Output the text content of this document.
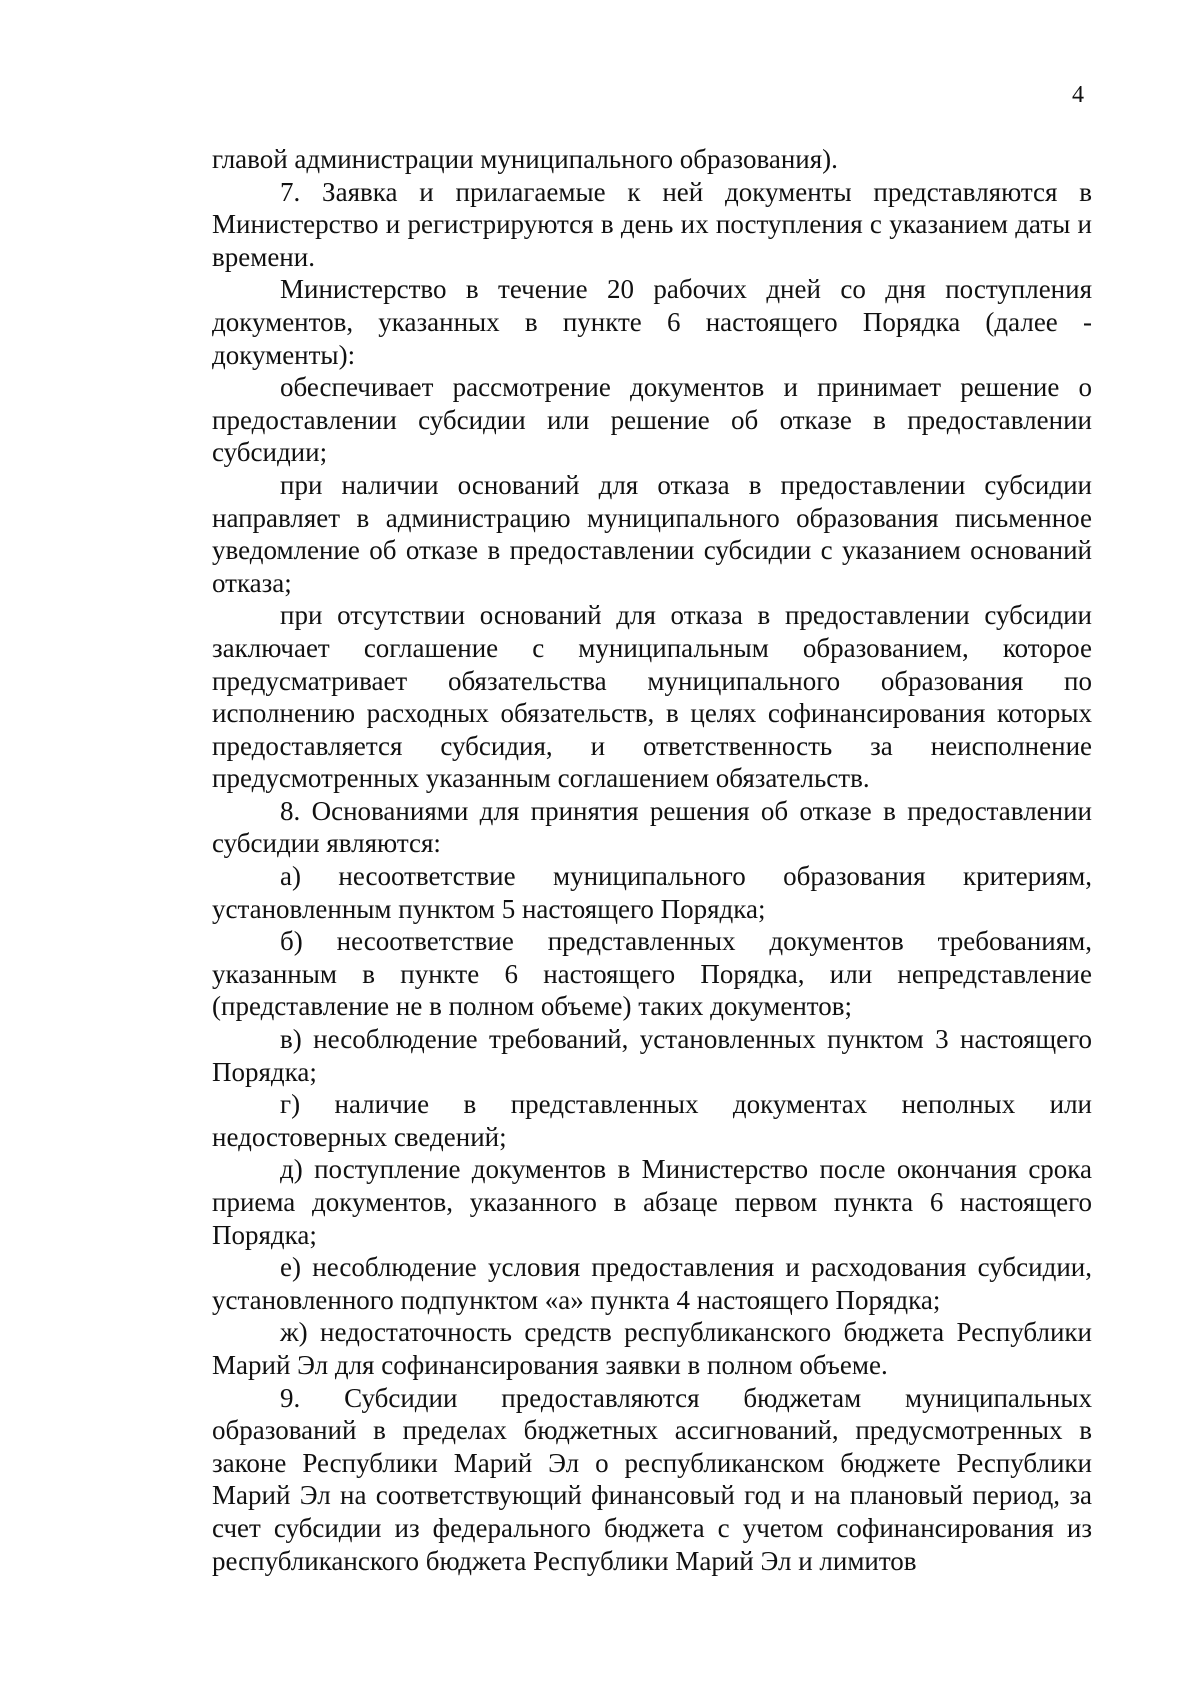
4

главой администрации муниципального образования).

7. Заявка и прилагаемые к ней документы представляются в Министерство и регистрируются в день их поступления с указанием даты и времени.

Министерство в течение 20 рабочих дней со дня поступления документов, указанных в пункте 6 настоящего Порядка (далее - документы):

обеспечивает рассмотрение документов и принимает решение о предоставлении субсидии или решение об отказе в предоставлении субсидии;

при наличии оснований для отказа в предоставлении субсидии направляет в администрацию муниципального образования письменное уведомление об отказе в предоставлении субсидии с указанием оснований отказа;

при отсутствии оснований для отказа в предоставлении субсидии заключает соглашение с муниципальным образованием, которое предусматривает обязательства муниципального образования по исполнению расходных обязательств, в целях софинансирования которых предоставляется субсидия, и ответственность за неисполнение предусмотренных указанным соглашением обязательств.

8. Основаниями для принятия решения об отказе в предоставлении субсидии являются:

а) несоответствие муниципального образования критериям, установленным пунктом 5 настоящего Порядка;

б) несоответствие представленных документов требованиям, указанным в пункте 6 настоящего Порядка, или непредставление (представление не в полном объеме) таких документов;

в) несоблюдение требований, установленных пунктом 3 настоящего Порядка;

г) наличие в представленных документах неполных или недостоверных сведений;

д) поступление документов в Министерство после окончания срока приема документов, указанного в абзаце первом пункта 6 настоящего Порядка;

е) несоблюдение условия предоставления и расходования субсидии, установленного подпунктом «а» пункта 4 настоящего Порядка;

ж) недостаточность средств республиканского бюджета Республики Марий Эл для софинансирования заявки в полном объеме.

9. Субсидии предоставляются бюджетам муниципальных образований в пределах бюджетных ассигнований, предусмотренных в законе Республики Марий Эл о республиканском бюджете Республики Марий Эл на соответствующий финансовый год и на плановый период, за счет субсидии из федерального бюджета с учетом софинансирования из республиканского бюджета Республики Марий Эл и лимитов
